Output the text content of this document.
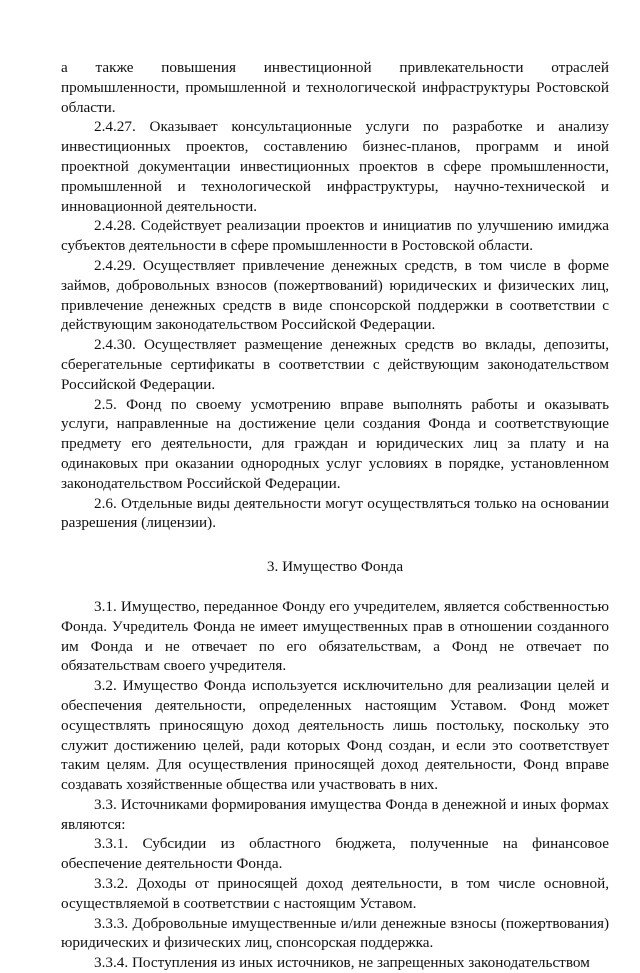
а также повышения инвестиционной привлекательности отраслей промышленности, промышленной и технологической инфраструктуры Ростовской области.

2.4.27. Оказывает консультационные услуги по разработке и анализу инвестиционных проектов, составлению бизнес-планов, программ и иной проектной документации инвестиционных проектов в сфере промышленности, промышленной и технологической инфраструктуры, научно-технической и инновационной деятельности.

2.4.28. Содействует реализации проектов и инициатив по улучшению имиджа субъектов деятельности в сфере промышленности в Ростовской области.

2.4.29. Осуществляет привлечение денежных средств, в том числе в форме займов, добровольных взносов (пожертвований) юридических и физических лиц, привлечение денежных средств в виде спонсорской поддержки в соответствии с действующим законодательством Российской Федерации.

2.4.30. Осуществляет размещение денежных средств во вклады, депозиты, сберегательные сертификаты в соответствии с действующим законодательством Российской Федерации.

2.5. Фонд по своему усмотрению вправе выполнять работы и оказывать услуги, направленные на достижение цели создания Фонда и соответствующие предмету его деятельности, для граждан и юридических лиц за плату и на одинаковых при оказании однородных услуг условиях в порядке, установленном законодательством Российской Федерации.

2.6. Отдельные виды деятельности могут осуществляться только на основании разрешения (лицензии).

3. Имущество Фонда

3.1. Имущество, переданное Фонду его учредителем, является собственностью Фонда. Учредитель Фонда не имеет имущественных прав в отношении созданного им Фонда и не отвечает по его обязательствам, а Фонд не отвечает по обязательствам своего учредителя.

3.2. Имущество Фонда используется исключительно для реализации целей и обеспечения деятельности, определенных настоящим Уставом. Фонд может осуществлять приносящую доход деятельность лишь постольку, поскольку это служит достижению целей, ради которых Фонд создан, и если это соответствует таким целям. Для осуществления приносящей доход деятельности, Фонд вправе создавать хозяйственные общества или участвовать в них.

3.3. Источниками формирования имущества Фонда в денежной и иных формах являются:

3.3.1. Субсидии из областного бюджета, полученные на финансовое обеспечение деятельности Фонда.

3.3.2. Доходы от приносящей доход деятельности, в том числе основной, осуществляемой в соответствии с настоящим Уставом.

3.3.3. Добровольные имущественные и/или денежные взносы (пожертвования) юридических и физических лиц, спонсорская поддержка.

3.3.4. Поступления из иных источников, не запрещенных законодательством
